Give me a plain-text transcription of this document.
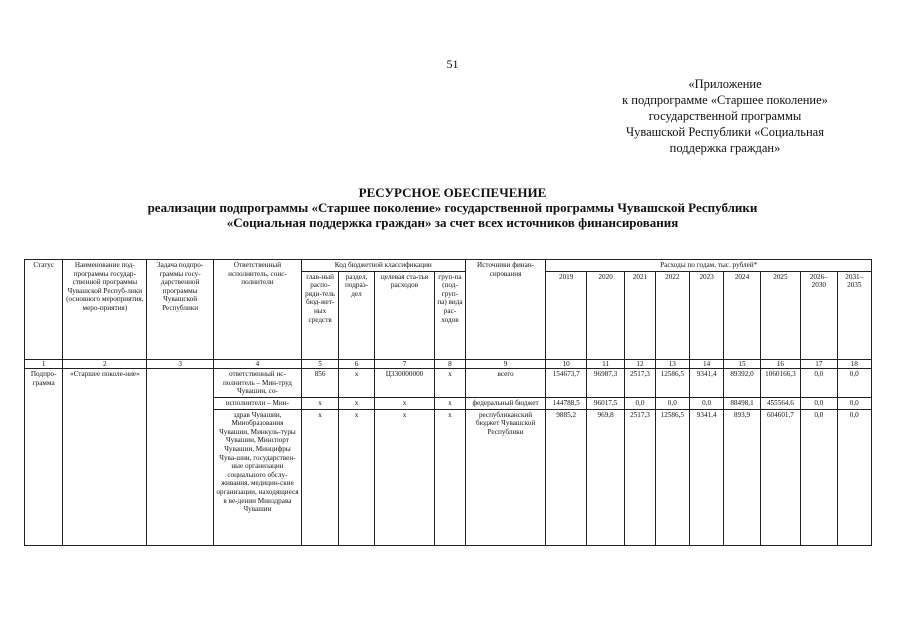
51
«Приложение
к подпрограмме «Старшее поколение»
государственной программы
Чувашской Республики «Социальная
поддержка граждан»
РЕСУРСНОЕ ОБЕСПЕЧЕНИЕ
реализации подпрограммы «Старшее поколение» государственной программы Чувашской Республики
«Социальная поддержка граждан» за счет всех источников финансирования
Статус	Наименование под-программы государ-ственной программы Чувашской Респуб-лики (основного мероприятия, меро-приятия)	Задача подпро-граммы госу-дарственной программы Чувашской Республики	Ответственный исполнитель, соис-полнители	Код бюджетной классификации				Источники финан-сирования	Расходы по годам, тыс. рублей*								
				глав-ный распо-ряди-тель бюд-жет-ных средств	раздел, подраз-дел	целевая ста-тья расходов	груп-па (под-груп-па) вида рас-ходов		2019	2020	2021	2022	2023	2024	2025	2026–2030	2031–2035
1	2	3	4	5	6	7	8	9	10	11	12	13	14	15	16	17	18
Подпро-грамма	«Старшее поколе-ние»		ответственный ис-полнитель – Мин-труд Чувашии, со-	856	х	Ц330000000	х	всего	154673,7	96987,3	2517,3	12586,5	9341,4	89392,0	1060166,3	0,0	0,0
			исполнители – Мин-	х	х	х	х	федеральный бюджет	144788,5	96017,5	0,0	0,0	0,0	88498,1	455564,6	0,0	0,0
			здрав Чувашии, Минобразования Чувашии, Минкуль-туры Чувашии, Минспорт Чувашии, Минцифры Чува-шии, государствен-ные организации социального обслу-живания, медицин-ские организации, находящиеся в ве-дении Минздрава Чувашии	х	х	х	х	республиканский бюджет Чувашской Республики	9885,2	969,8	2517,3	12586,5	9341,4	893,9	604601,7	0,0	0,0
